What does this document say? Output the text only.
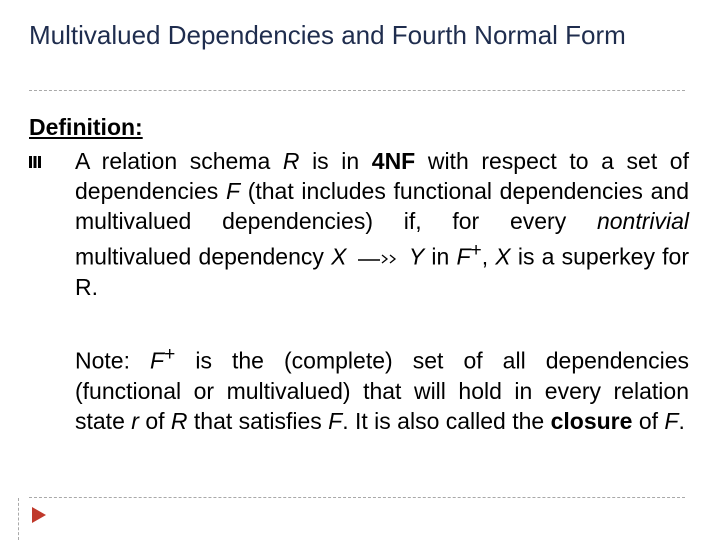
Multivalued Dependencies and Fourth Normal Form
Definition:
A relation schema R is in 4NF with respect to a set of dependencies F (that includes functional dependencies and multivalued dependencies) if, for every nontrivial multivalued dependency X	Y in F+, X is a superkey for R.
Note: F+ is the (complete) set of all dependencies (functional or multivalued) that will hold in every relation state r of R that satisfies F. It is also called the closure of F.
